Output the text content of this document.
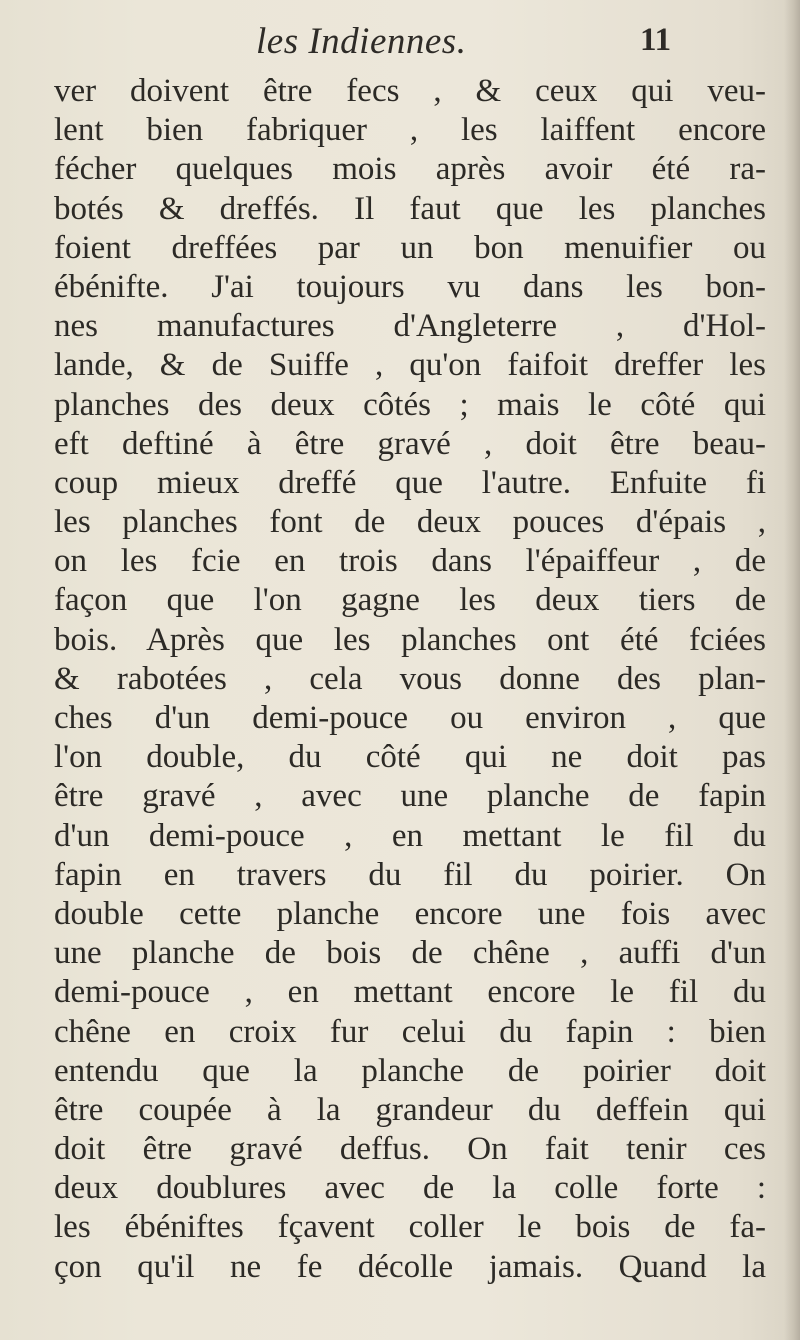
les Indiennes.	11
ver doivent être fecs , & ceux qui veu-
lent bien fabriquer , les laiffent encore
fécher quelques mois après avoir été ra-
botés & dreffés. Il faut que les planches
foient dreffées par un bon menuifier ou
ébénifte. J'ai toujours vu dans les bon-
nes manufactures d'Angleterre , d'Hol-
lande, & de Suiffe , qu'on faifoit dreffer les
planches des deux côtés ; mais le côté qui
eft deftiné à être gravé , doit être beau-
coup mieux dreffé que l'autre. Enfuite fi
les planches font de deux pouces d'épais ,
on les fcie en trois dans l'épaiffeur , de
façon que l'on gagne les deux tiers de
bois. Après que les planches ont été fciées
& rabotées , cela vous donne des plan-
ches d'un demi-pouce ou environ , que
l'on double, du côté qui ne doit pas
être gravé , avec une planche de fapin
d'un demi-pouce , en mettant le fil du
fapin en travers du fil du poirier. On
double cette planche encore une fois avec
une planche de bois de chêne , auffi d'un
demi-pouce , en mettant encore le fil du
chêne en croix fur celui du fapin : bien
entendu que la planche de poirier doit
être coupée à la grandeur du deffein qui
doit être gravé deffus. On fait tenir ces
deux doublures avec de la colle forte :
les ébéniftes fçavent coller le bois de fa-
çon qu'il ne fe décolle jamais. Quand la
